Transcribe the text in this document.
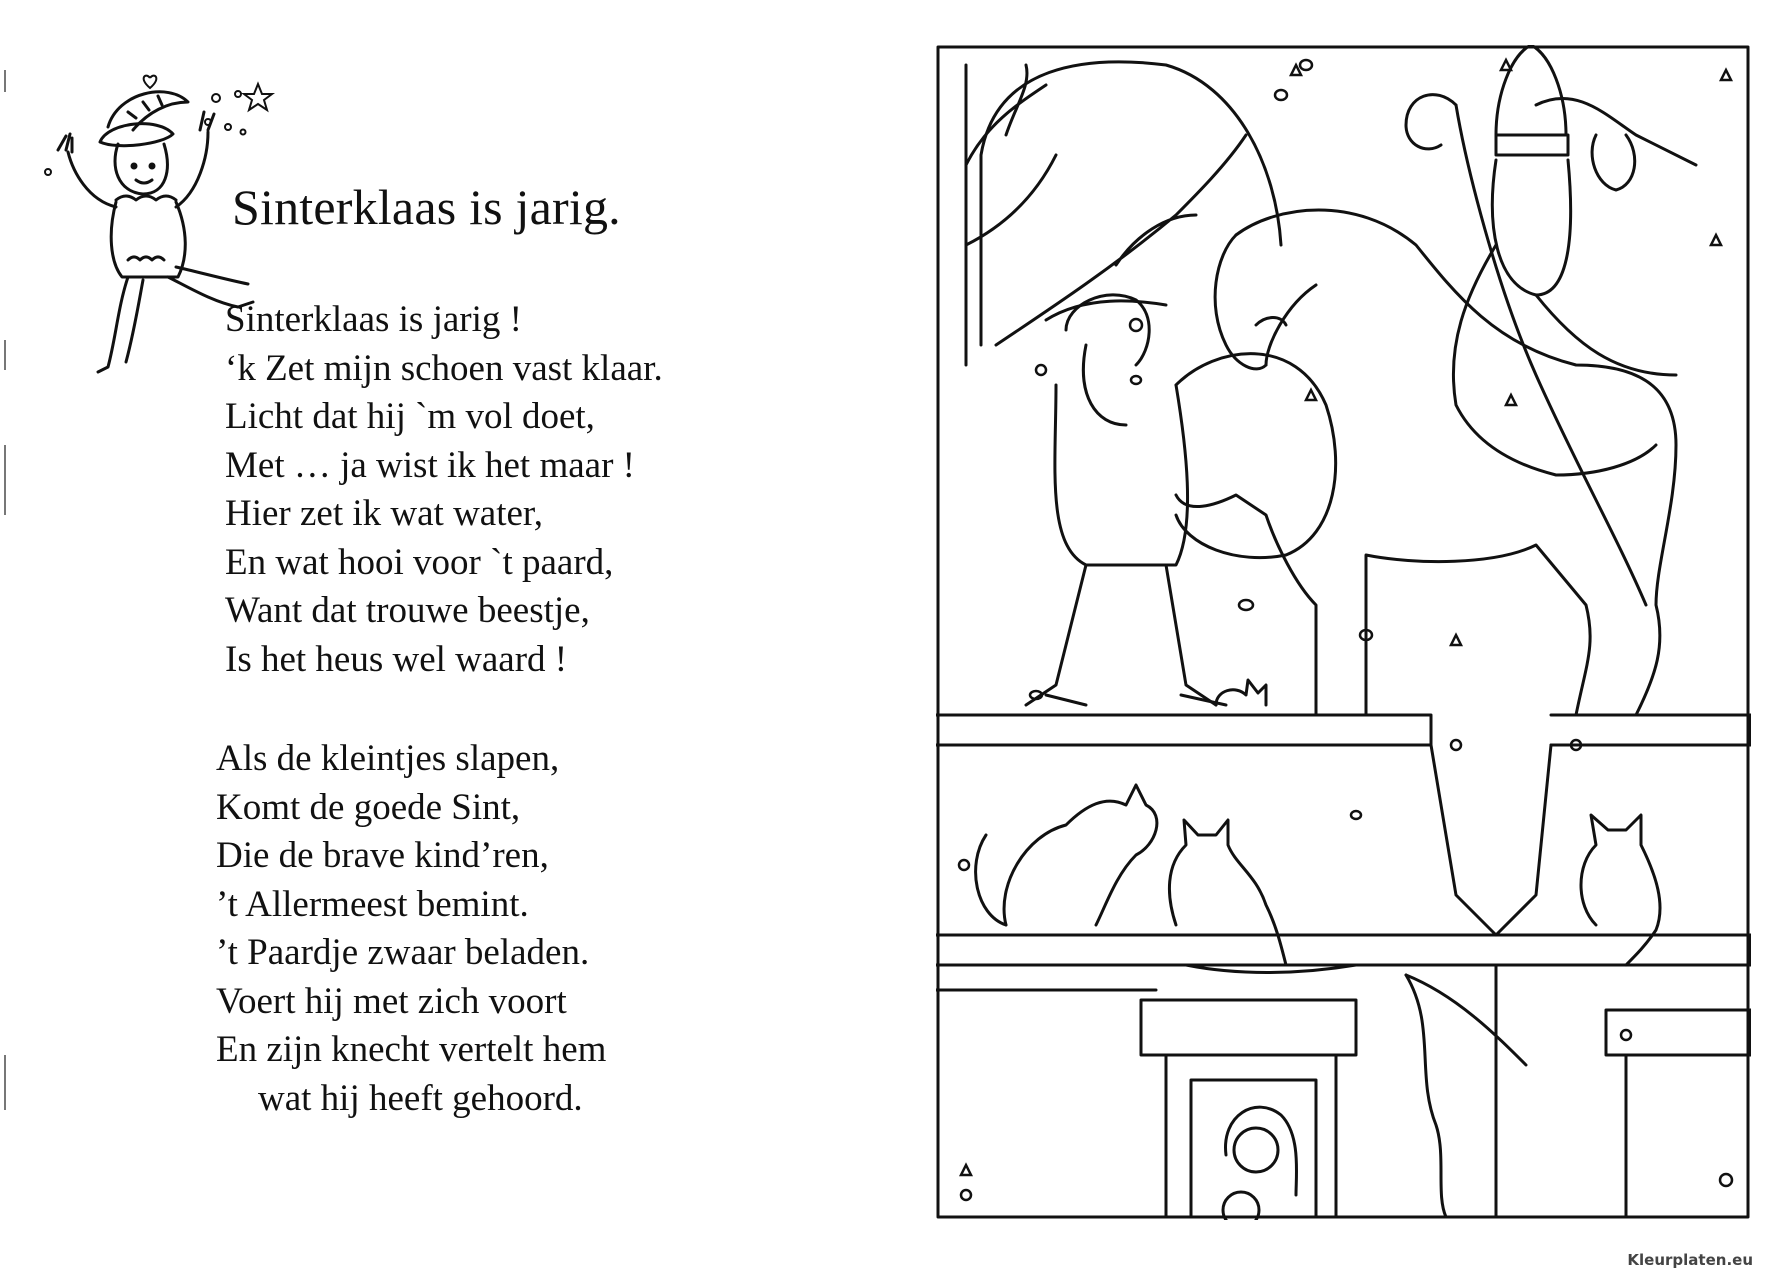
Sinterklaas is jarig.
Sinterklaas is jarig !
‘k Zet mijn schoen vast klaar.
Licht dat hij `m vol doet,
Met … ja wist ik het maar !
Hier zet ik wat water,
En wat hooi voor `t paard,
Want dat trouwe beestje,
Is het heus wel waard !
Als de kleintjes slapen,
Komt de goede Sint,
Die de brave kind’ren,
’t Allermeest bemint.
’t Paardje zwaar beladen.
Voert hij met zich voort
En zijn knecht vertelt hem
wat hij heeft gehoord.
Kleurplaten.eu
